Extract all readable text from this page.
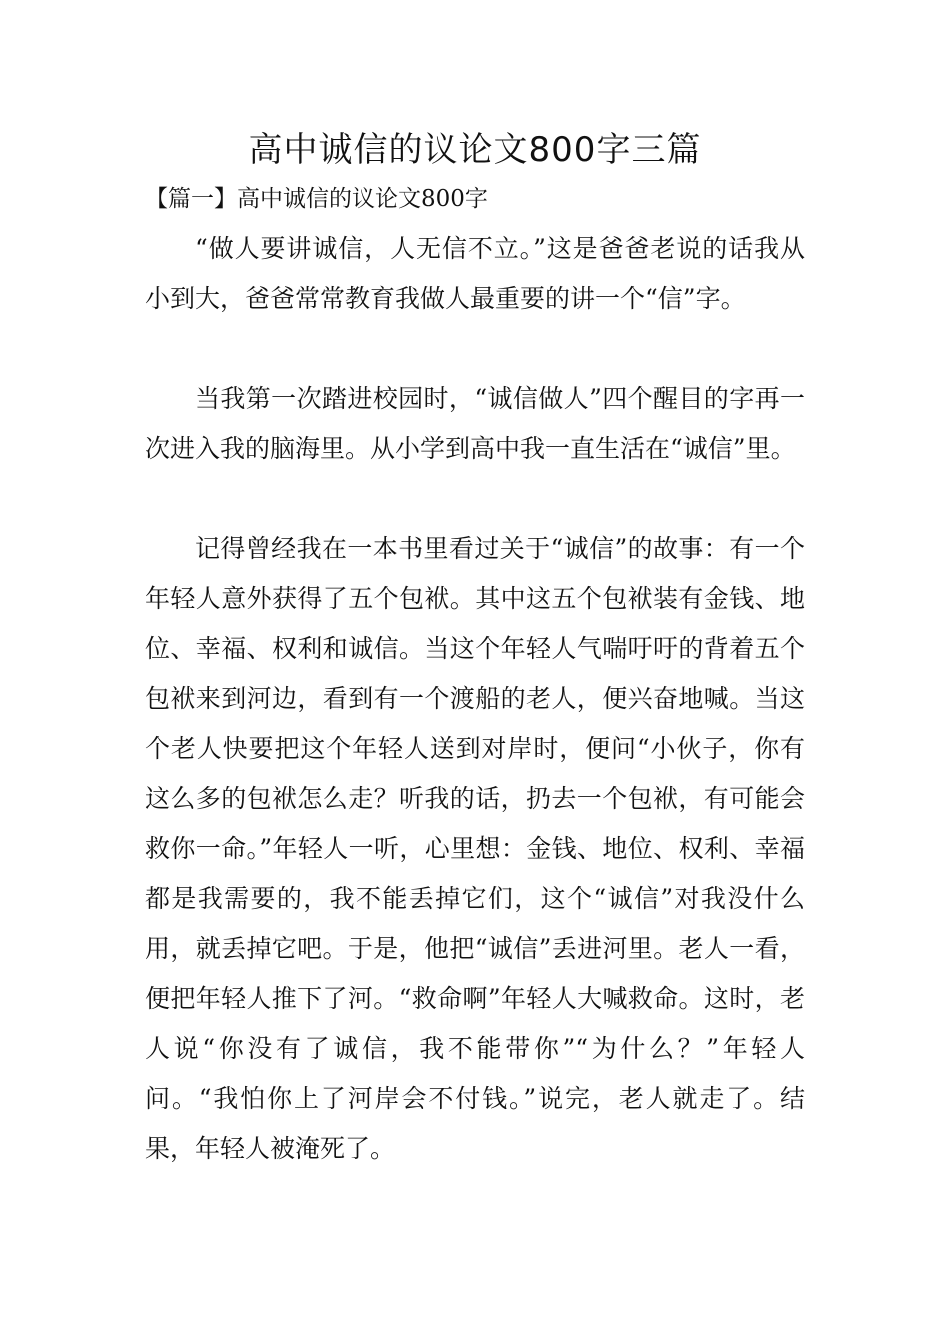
高中诚信的议论文800字三篇
【篇一】高中诚信的议论文800字

“做人要讲诚信，人无信不立。”这是爸爸老说的话我从小到大，爸爸常常教育我做人最重要的讲一个“信”字。

当我第一次踏进校园时，“诚信做人”四个醒目的字再一次进入我的脑海里。从小学到高中我一直生活在“诚信”里。

记得曾经我在一本书里看过关于“诚信”的故事：有一个年轻人意外获得了五个包袱。其中这五个包袱装有金钱、地位、幸福、权利和诚信。当这个年轻人气喘吁吁的背着五个包袱来到河边，看到有一个渡船的老人，便兴奋地喊。当这个老人快要把这个年轻人送到对岸时，便问“小伙子，你有这么多的包袱怎么走？听我的话，扔去一个包袱，有可能会救你一命。”年轻人一听，心里想：金钱、地位、权利、幸福都是我需要的，我不能丢掉它们，这个“诚信”对我没什么用，就丢掉它吧。于是，他把“诚信”丢进河里。老人一看，便把年轻人推下了河。“救命啊”年轻人大喊救命。这时，老人说“你没有了诚信，我不能带你”“为什么？”年轻人问。“我怕你上了河岸会不付钱。”说完，老人就走了。结果，年轻人被淹死了。
